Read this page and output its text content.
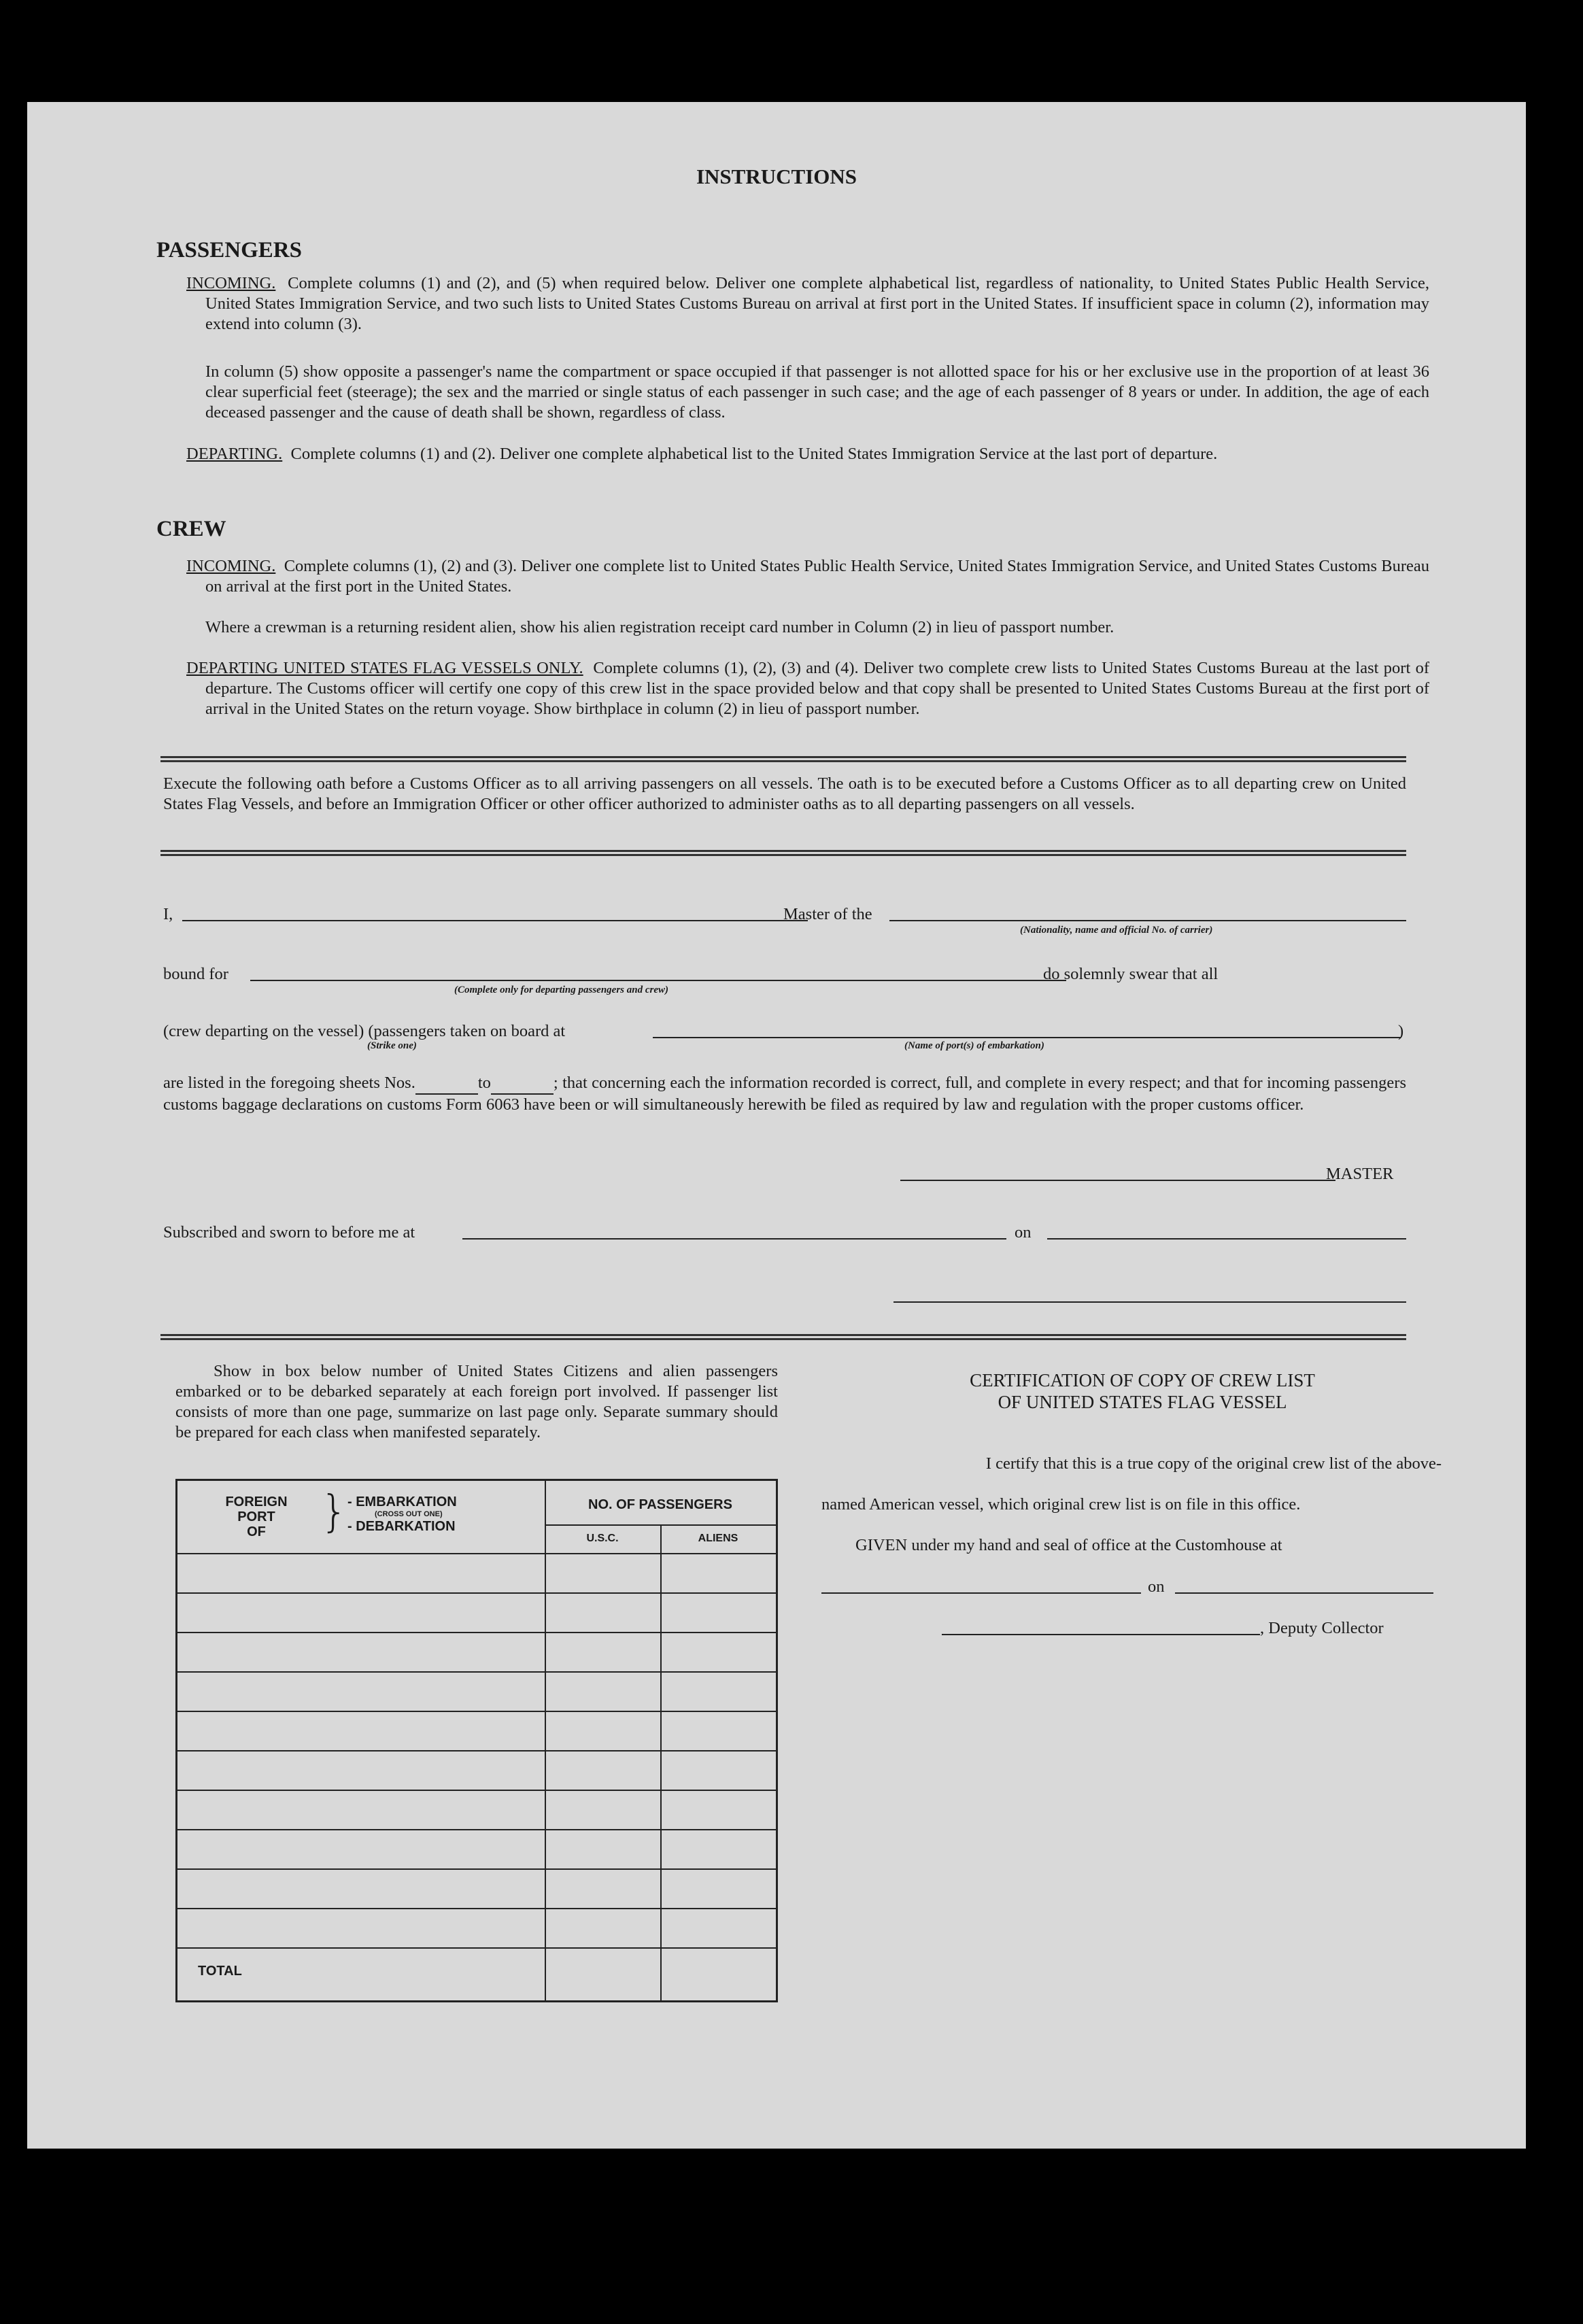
INSTRUCTIONS
PASSENGERS
INCOMING. Complete columns (1) and (2), and (5) when required below. Deliver one complete alphabetical list, regardless of nationality, to United States Public Health Service, United States Immigration Service, and two such lists to United States Customs Bureau on arrival at first port in the United States. If insufficient space in column (2), information may extend into column (3).
In column (5) show opposite a passenger's name the compartment or space occupied if that passenger is not allotted space for his or her exclusive use in the proportion of at least 36 clear superficial feet (steerage); the sex and the married or single status of each passenger in such case; and the age of each passenger of 8 years or under. In addition, the age of each deceased passenger and the cause of death shall be shown, regardless of class.
DEPARTING. Complete columns (1) and (2). Deliver one complete alphabetical list to the United States Immigration Service at the last port of departure.
CREW
INCOMING. Complete columns (1), (2) and (3). Deliver one complete list to United States Public Health Service, United States Immigration Service, and United States Customs Bureau on arrival at the first port in the United States.
Where a crewman is a returning resident alien, show his alien registration receipt card number in Column (2) in lieu of passport number.
DEPARTING UNITED STATES FLAG VESSELS ONLY. Complete columns (1), (2), (3) and (4). Deliver two complete crew lists to United States Customs Bureau at the last port of departure. The Customs officer will certify one copy of this crew list in the space provided below and that copy shall be presented to United States Customs Bureau at the first port of arrival in the United States on the return voyage. Show birthplace in column (2) in lieu of passport number.
Execute the following oath before a Customs Officer as to all arriving passengers on all vessels. The oath is to be executed before a Customs Officer as to all departing crew on United States Flag Vessels, and before an Immigration Officer or other officer authorized to administer oaths as to all departing passengers on all vessels.
I,	Master of the
(Nationality, name and official No. of carrier)
bound for	do solemnly swear that all
(Complete only for departing passengers and crew)
(crew departing on the vessel) (passengers taken on board at	)
(Strike one)	(Name of port(s) of embarkation)
are listed in the foregoing sheets Nos.	to	; that concerning each the information recorded is correct, full, and complete in every respect; and that for incoming passengers customs baggage declarations on customs Form 6063 have been or will simultaneously herewith be filed as required by law and regulation with the proper customs officer.
MASTER
Subscribed and sworn to before me at	on
Show in box below number of United States Citizens and alien passengers embarked or to be debarked separately at each foreign port involved. If passenger list consists of more than one page, summarize on last page only. Separate summary should be prepared for each class when manifested separately.
FOREIGN
PORT
OF	} - EMBARKATION
(CROSS OUT ONE)
- DEBARKATION
NO. OF PASSENGERS
U.S.C.	ALIENS
TOTAL
CERTIFICATION OF COPY OF CREW LIST
OF UNITED STATES FLAG VESSEL
I certify that this is a true copy of the original crew list of the above-
named American vessel, which original crew list is on file in this office.
GIVEN under my hand and seal of office at the Customhouse at
on
, Deputy Collector
